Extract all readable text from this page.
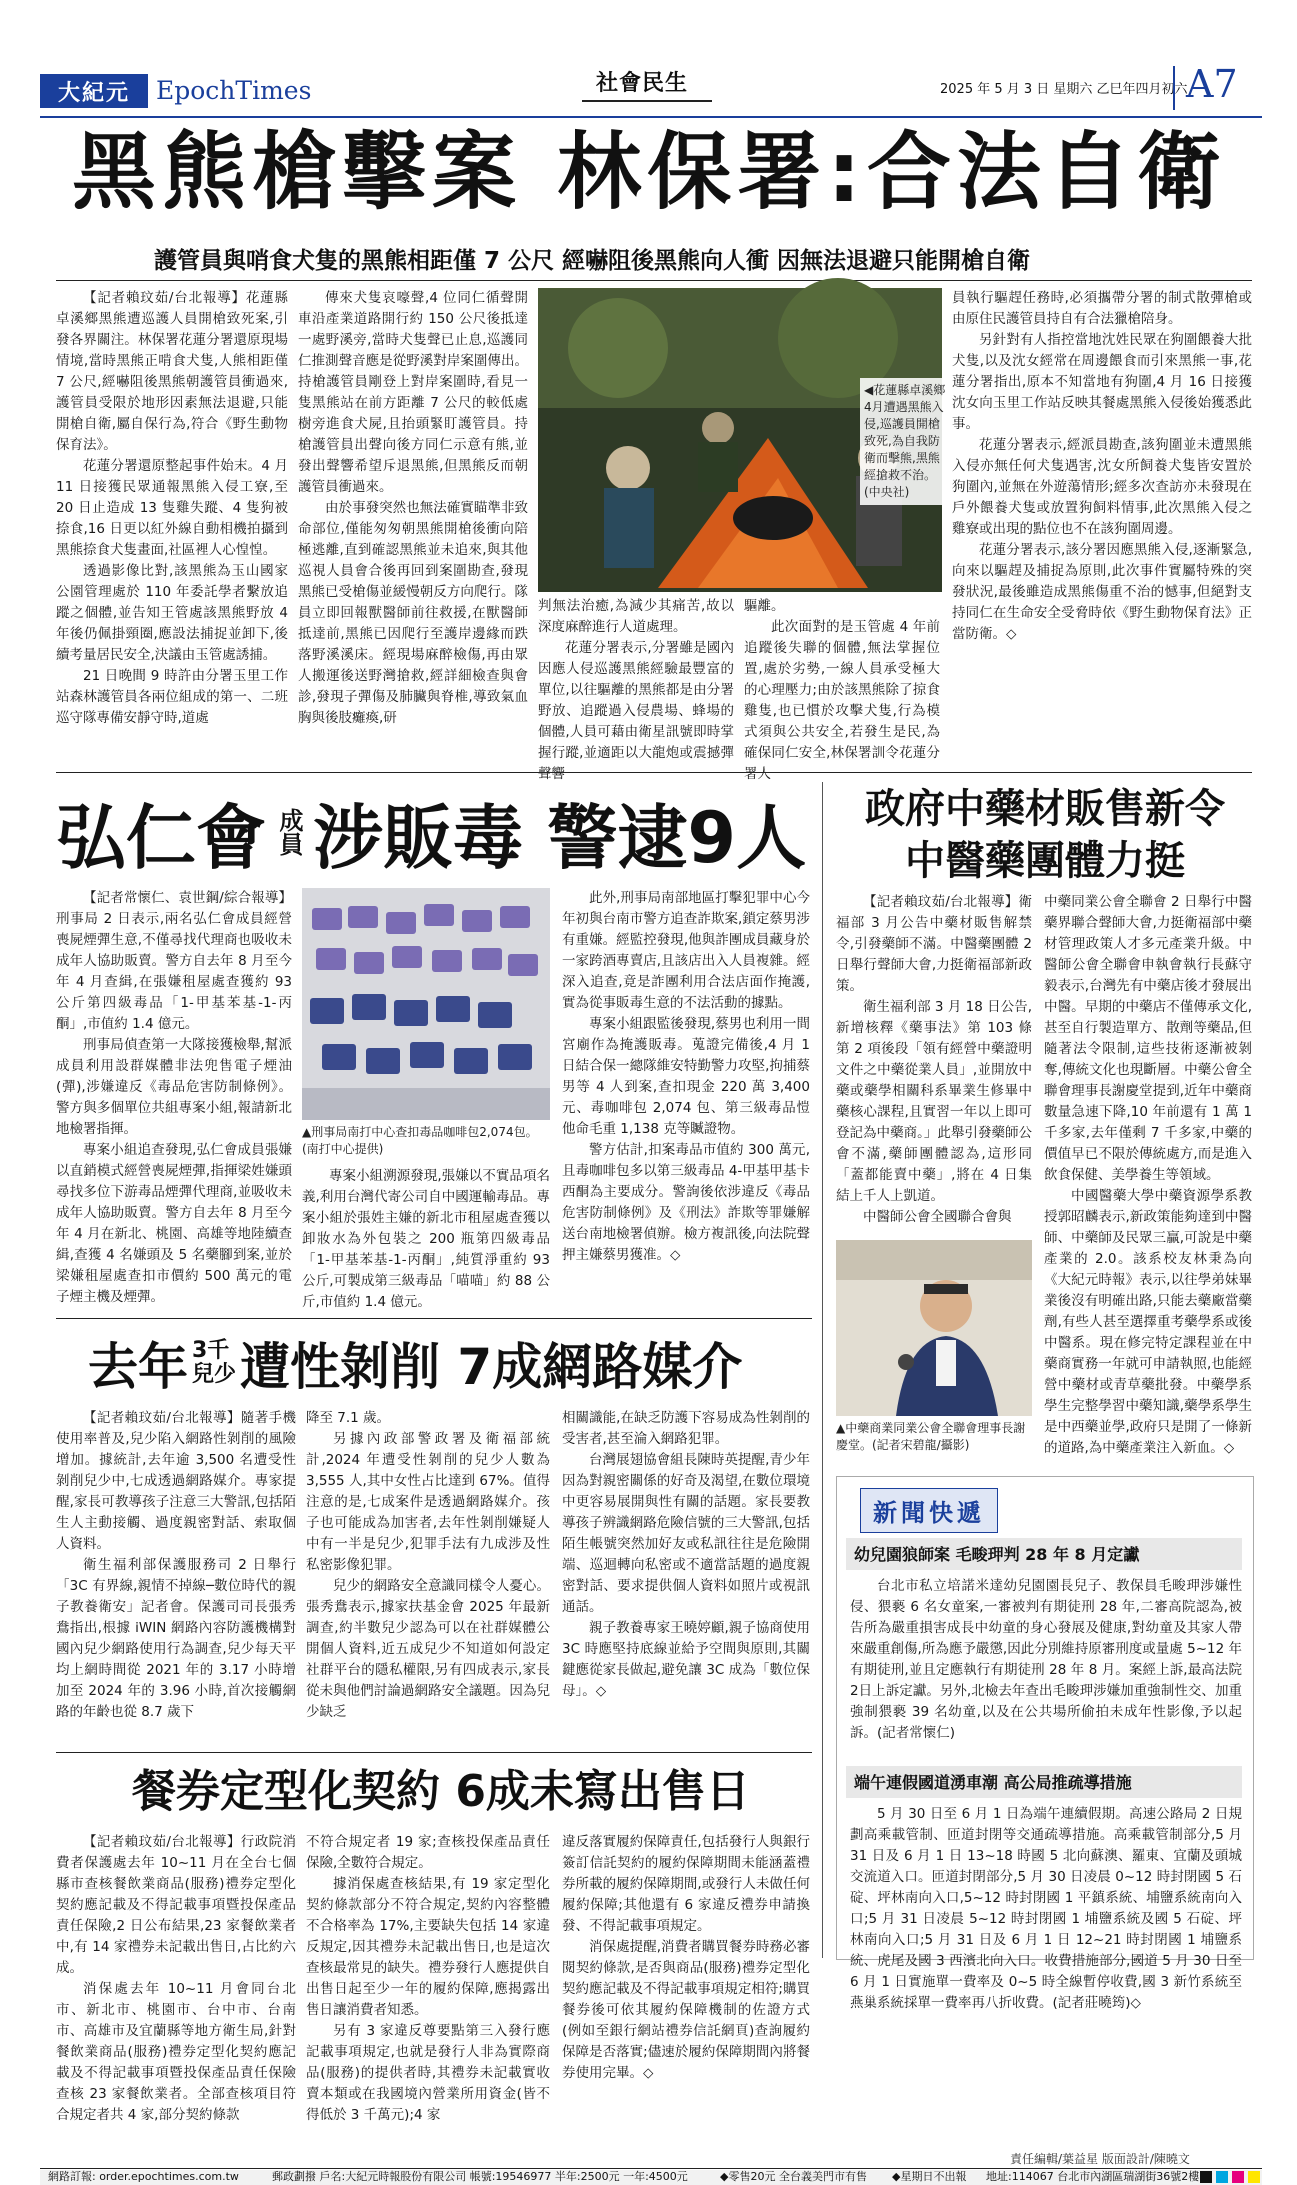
大紀元	EpochTimes	社會民生	2025 年 5 月 3 日 星期六 乙巳年四月初六
A7
黑熊槍擊案 林保署:合法自衛
護管員與哨食犬隻的黑熊相距僅 7 公尺 經嚇阻後黑熊向人衝 因無法退避只能開槍自衛

【記者賴玟茹/台北報導】花蓮縣卓溪鄉黑熊遭巡護人員開槍致死案,引發各界關注。林保署花蓮分署還原現場情境,當時黑熊正啃食犬隻,人熊相距僅 7 公尺,經嚇阻後黑熊朝護管員衝過來,護管員受限於地形因素無法退避,只能開槍自衛,屬自保行為,符合《野生動物保育法》。

花蓮分署還原整起事件始末。4 月 11 日接獲民眾通報黑熊入侵工寮,至 20 日止造成 13 隻雞失蹤、4 隻狗被捺食,16 日更以紅外線自動相機拍攝到黑熊捺食犬隻畫面,社區裡人心惶惶。

透過影像比對,該黑熊為玉山國家公園管理處於 110 年委託學者繫放追蹤之個體,並告知王管處該黑熊野放 4 年後仍佩掛頸圈,應設法捕捉並卸下,後續考量居民安全,決議由玉管處誘捕。

21 日晚間 9 時許由分署玉里工作站森林護管員各兩位組成的第一、二班巡守隊專備安靜守時,道處

傳來犬隻哀嚎聲,4 位同仁循聲開車沿產業道路開行約 150 公尺後抵達一處野溪旁,當時犬隻聲已止息,巡護同仁推測聲音應是從野溪對岸案圍傳出。持槍護管員剛登上對岸案圍時,看見一隻黑熊站在前方距離 7 公尺的較低處樹旁進食犬屍,且抬頭緊盯護管員。持槍護管員出聲向後方同仁示意有熊,並發出聲響希望斥退黑熊,但黑熊反而朝護管員衝過來。

由於事發突然也無法確實瞄準非致命部位,僅能匆匆朝黑熊開槍後衝向陪極逃離,直到確認黑熊並未追來,與其他巡視人員會合後再回到案圍勘查,發現黑熊已受槍傷並緩慢朝反方向爬行。隊員立即回報獸醫師前往救援,在獸醫師抵達前,黑熊已因爬行至護岸邊緣而跌落野溪溪床。經現場麻醉檢傷,再由眾人搬運後送野灣搶救,經詳細檢查與會診,發現子彈傷及肺臟與脊椎,導致氣血胸與後肢癱瘓,研

◀花蓮縣卓溪鄉4月遭遇黑熊入侵,巡護員開槍致死,為自我防衛而擊熊,黑熊經搶救不治。(中央社)

判無法治癒,為減少其痛苦,故以深度麻醉進行人道處理。

花蓮分署表示,分署雖是國內因應人侵巡護黑熊經驗最豐富的單位,以往驅離的黑熊都是由分署野放、追蹤過入侵農場、蜂場的個體,人員可藉由衛星訊號即時掌握行蹤,並適距以大龍炮或震撼彈聲響

驅離。

此次面對的是玉管處 4 年前追蹤後失聯的個體,無法掌握位置,處於劣勢,一線人員承受極大的心理壓力;由於該黑熊除了掠食雞隻,也已慣於攻擊犬隻,行為模式須與公共安全,若發生是民,為確保同仁安全,林保署訓令花蓮分署人

員執行驅趕任務時,必須攜帶分署的制式散彈槍或由原住民護管員持自有合法獵槍陪身。

另針對有人指控當地沈姓民眾在狗圍餵養大批犬隻,以及沈女經常在周邊餵食而引來黑熊一事,花蓮分署指出,原本不知當地有狗圍,4 月 16 日接獲沈女向玉里工作站反映其餐處黑熊入侵後始獲悉此事。

花蓮分署表示,經派員勘查,該狗圍並未遭黑熊入侵亦無任何犬隻遇害,沈女所飼養犬隻皆安置於狗圍內,並無在外遊蕩情形;經多次查訪亦未發現在戶外餵養犬隻或放置狗飼料情事,此次黑熊入侵之雞寮或出現的點位也不在該狗圍周邊。

花蓮分署表示,該分署因應黑熊入侵,逐漸緊急,向來以驅趕及捕捉為原則,此次事件實屬特殊的突發狀況,最後雖造成黑熊傷重不治的憾事,但絕對支持同仁在生命安全受脅時依《野生動物保育法》正當防衛。◇

弘仁會 成員 涉販毒 警逮9人

【記者常懷仁、袁世鋼/綜合報導】刑事局 2 日表示,兩名弘仁會成員經營喪屍煙彈生意,不僅尋找代理商也吸收未成年人協助販賣。警方自去年 8 月至今年 4 月查緝,在張嫌租屋處查獲約 93 公斤第四級毒品「1-甲基苯基-1-丙酮」,市值約 1.4 億元。

刑事局偵查第一大隊接獲檢舉,幫派成員利用設群媒體非法兜售電子煙油(彈),涉嫌違反《毒品危害防制條例》。警方與多個單位共組專案小組,報請新北地檢署指揮。

專案小組追查發現,弘仁會成員張嫌以直銷模式經營喪屍煙彈,指揮梁姓嫌頭尋找多位下游毒品煙彈代理商,並吸收未成年人協助販賣。警方自去年 8 月至今年 4 月在新北、桃園、高雄等地陸續查緝,查獲 4 名嫌頭及 5 名藥腳到案,並於梁嫌租屋處查扣市價約 500 萬元的電子煙主機及煙彈。

▲刑事局南打中心查扣毒品咖啡包2,074包。(南打中心提供)

專案小組溯源發現,張嫌以不實品項名義,利用台灣代寄公司自中國運輸毒品。專案小組於張姓主嫌的新北市租屋處查獲以卸妝水為外包裝之 200 瓶第四級毒品「1-甲基苯基-1-丙酮」,純質淨重約 93 公斤,可製成第三級毒品「喵喵」約 88 公斤,市值約 1.4 億元。

此外,刑事局南部地區打擊犯罪中心今年初與台南市警方追查詐欺案,鎖定蔡男涉有重嫌。經監控發現,他與詐團成員藏身於一家跨酒專賣店,且該店出入人員複雜。經深入追查,竟是詐團利用合法店面作掩護,實為從事販毒生意的不法活動的據點。

專案小組跟監後發現,蔡男也利用一間宮廟作為掩護販毒。蒐證完備後,4 月 1 日結合保一總隊維安特勤警力攻堅,拘捕蔡男等 4 人到案,查扣現金 220 萬 3,400 元、毒咖啡包 2,074 包、第三級毒品愷他命毛重 1,138 克等贓證物。

警方估計,扣案毒品市值約 300 萬元,且毒咖啡包多以第三級毒品 4-甲基甲基卡西酮為主要成分。警詢後依涉違反《毒品危害防制條例》及《刑法》詐欺等罪嫌解送台南地檢署偵辦。檢方複訊後,向法院聲押主嫌蔡男獲准。◇

去年 3千
兒少 遭性剝削 7成網路媒介

【記者賴玟茹/台北報導】隨著手機使用率普及,兒少陷入網路性剝削的風險增加。據統計,去年逾 3,500 名遭受性剝削兒少中,七成透過網路媒介。專家提醒,家長可教導孩子注意三大警訊,包括陌生人主動接觸、過度親密對話、索取個人資料。

衛生福利部保護服務司 2 日舉行「3C 有界線,親情不掉線─數位時代的親子教養衛安」記者會。保護司司長張秀鴦指出,根據 iWIN 網路內容防護機構對國內兒少網路使用行為調查,兒少每天平均上網時間從 2021 年的 3.17 小時增加至 2024 年的 3.96 小時,首次接觸網路的年齡也從 8.7 歲下

降至 7.1 歲。

另據內政部警政署及衛福部統計,2024 年遭受性剝削的兒少人數為 3,555 人,其中女性占比達到 67%。值得注意的是,七成案件是透過網路媒介。孩子也可能成為加害者,去年性剝削嫌疑人中有一半是兒少,犯罪手法有九成涉及性私密影像犯罪。

兒少的網路安全意識同樣令人憂心。張秀鴦表示,據家扶基金會 2025 年最新調查,約半數兒少認為可以在社群媒體公開個人資料,近五成兒少不知道如何設定社群平台的隱私權限,另有四成表示,家長從未與他們討論過網路安全議題。因為兒少缺乏

相關識能,在缺乏防護下容易成為性剝削的受害者,甚至淪入網路犯罪。

台灣展翅協會組長陳時英提醒,青少年因為對親密關係的好奇及渴望,在數位環境中更容易展開與性有關的話題。家長要教導孩子辨識網路危險信號的三大警訊,包括陌生帳號突然加好友或私訊往往是危險開端、巡迴轉向私密或不適當話題的過度親密對話、要求提供個人資料如照片或視訊通話。

親子教養專家王曉婷顧,親子協商使用 3C 時應堅持底線並給予空間與原則,其關鍵應從家長做起,避免讓 3C 成為「數位保母」。◇

餐券定型化契約 6成未寫出售日

【記者賴玟茹/台北報導】行政院消費者保護處去年 10~11 月在全台七個縣市查核餐飲業商品(服務)禮券定型化契約應記載及不得記載事項暨投保產品責任保險,2 日公布結果,23 家餐飲業者中,有 14 家禮券未記載出售日,占比約六成。

消保處去年 10~11 月會同台北市、新北市、桃園市、台中市、台南市、高雄市及宜蘭縣等地方衛生局,針對餐飲業商品(服務)禮券定型化契約應記載及不得記載事項暨投保產品責任保險查核 23 家餐飲業者。全部查核項目符合規定者共 4 家,部分契約條款

不符合規定者 19 家;查核投保產品責任保險,全數符合規定。

據消保處查核結果,有 19 家定型化契約條款部分不符合規定,契約內容整體不合格率為 17%,主要缺失包括 14 家違反規定,因其禮券未記載出售日,也是這次查核最常見的缺失。禮券發行人應提供自出售日起至少一年的履約保障,應揭露出售日讓消費者知悉。

另有 3 家違反尊要點第三入發行應記載事項規定,也就是發行人非為實際商品(服務)的提供者時,其禮券未記載實收賣本類或在我國境內營業所用資金(皆不得低於 3 千萬元);4 家

違反落實履約保障責任,包括發行人與銀行簽訂信託契約的履約保障期間未能涵蓋禮券所載的履約保障期間,或發行人未做任何履約保障;其他還有 6 家違反禮券申請換發、不得記載事項規定。

消保處提醒,消費者購買餐券時務必審閱契約條款,是否與商品(服務)禮券定型化契約應記載及不得記載事項規定相符;購買餐券後可依其履約保障機制的佐證方式(例如至銀行網站禮券信託網頁)查詢履約保障是否落實;儘速於履約保障期間內將餐券使用完畢。◇

政府中藥材販售新令
中醫藥團體力挺

【記者賴玟茹/台北報導】衛福部 3 月公告中藥材販售解禁令,引發藥師不滿。中醫藥團體 2 日舉行聲師大會,力挺衛福部新政策。

衛生福利部 3 月 18 日公告,新增核釋《藥事法》第 103 條第 2 項後段「領有經營中藥證明文件之中藥從業人員」,並開放中藥或藥學相關科系畢業生修畢中藥核心課程,且實習一年以上即可登記為中藥商。」此舉引發藥師公會不滿,藥師團體認為,這形同「蓋都能賣中藥」,將在 4 日集結上千人上凱道。

中醫師公會全國聯合會與

▲中藥商業同業公會全聯會理事長謝慶堂。(記者宋碧龍/攝影)

中藥同業公會全聯會 2 日舉行中醫藥界聯合聲師大會,力挺衛福部中藥材管理政策人才多元產業升級。中醫師公會全聯會申執會執行長蘇守毅表示,台灣先有中藥店後才發展出中醫。早期的中藥店不僅傳承文化,甚至自行製造單方、散劑等藥品,但隨著法令限制,這些技術逐漸被剝奪,傳統文化也現斷層。中藥公會全聯會理事長謝慶堂提到,近年中藥商數量急速下降,10 年前還有 1 萬 1 千多家,去年僅剩 7 千多家,中藥的價值早已不限於傳統處方,而是進入飲食保健、美學養生等領域。

中國醫藥大學中藥資源學系教授郭昭麟表示,新政策能夠達到中醫師、中藥師及民眾三贏,可說是中藥產業的 2.0。該系校友林秉為向《大紀元時報》表示,以往學弟妹畢業後沒有明確出路,只能去藥廠當藥劑,有些人甚至選擇重考藥學系或後中醫系。現在修完特定課程並在中藥商實務一年就可申請執照,也能經營中藥材或青草藥批發。中藥學系學生完整學習中藥知識,藥學系學生是中西藥並學,政府只是開了一條新的道路,為中藥產業注入新血。◇

新聞快遞
幼兒園狼師案 毛畯玾判 28 年 8 月定讞

台北市私立培諾米達幼兒園園長兒子、教保員毛畯玾涉嫌性侵、猥褻 6 名女童案,一審被判有期徒刑 28 年,二審高院認為,被告所為嚴重損害成長中幼童的身心發展及健康,對幼童及其家人帶來嚴重創傷,所為應予嚴懲,因此分別維持原審刑度或量處 5~12 年有期徒刑,並且定應執行有期徒刑 28 年 8 月。案經上訴,最高法院2日上訴定讞。另外,北檢去年查出毛畯玾涉嫌加重強制性交、加重強制猥褻 39 名幼童,以及在公共場所偷拍未成年性影像,予以起訴。(記者常懷仁)

端午連假國道湧車潮 高公局推疏導措施

5 月 30 日至 6 月 1 日為端午連續假期。高速公路局 2 日規劃高乘載管制、匝道封閉等交通疏導措施。高乘載管制部分,5 月 31 日及 6 月 1 日 13~18 時國 5 北向蘇澳、羅東、宜蘭及頭城交流道入口。匝道封閉部分,5 月 30 日凌晨 0~12 時封閉國 5 石碇、坪林南向入口,5~12 時封閉國 1 平鎮系統、埔鹽系統南向入口;5 月 31 日凌晨 5~12 時封閉國 1 埔鹽系統及國 5 石碇、坪林南向入口;5 月 31 日及 6 月 1 日 12~21 時封閉國 1 埔鹽系統、虎尾及國 3 西濱北向入口。收費措施部分,國道 5 月 30 日至 6 月 1 日實施單一費率及 0~5 時全線暫停收費,國 3 新竹系統至燕巢系統採單一費率再八折收費。(記者莊曉筠)◇

責任編輯/葉益星 版面設計/陳曉文
網路訂報: order.epochtimes.com.tw	郵政劃撥 戶名:大紀元時報股份有限公司 帳號:19546977 半年:2500元 一年:4500元	◆零售20元 全台義美門市有售 ◆星期日不出報 地址:114067 台北市內湖區瑞湖街36號2樓
